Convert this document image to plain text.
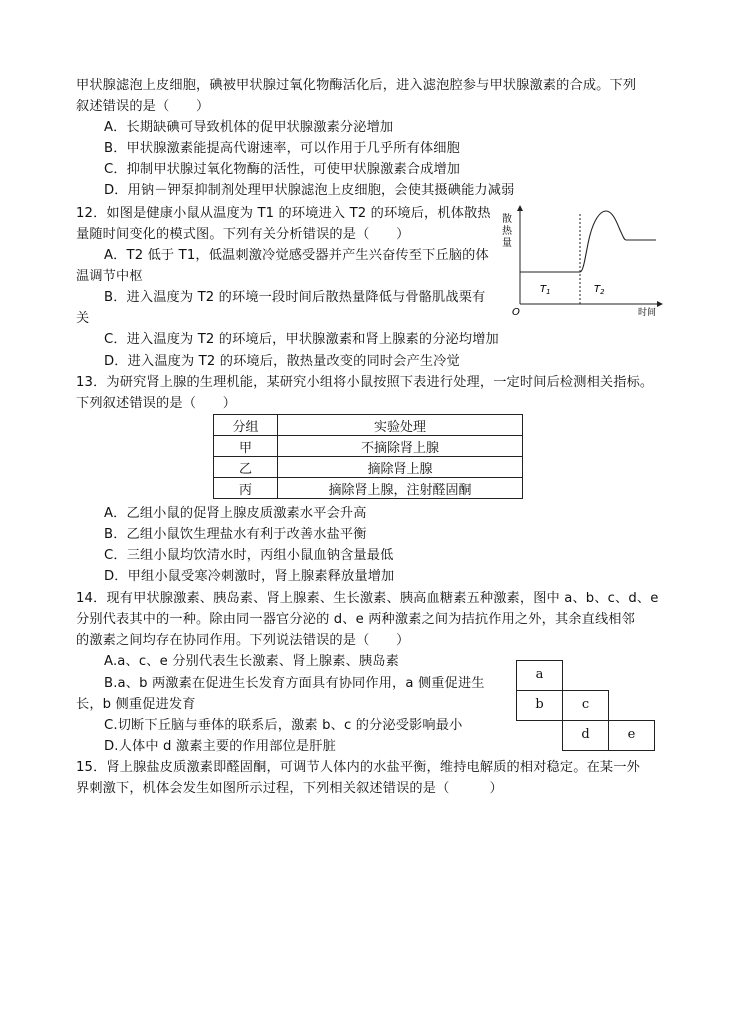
甲状腺滤泡上皮细胞，碘被甲状腺过氧化物酶活化后，进入滤泡腔参与甲状腺激素的合成。下列
叙述错误的是（　　）
A．长期缺碘可导致机体的促甲状腺激素分泌增加
B．甲状腺激素能提高代谢速率，可以作用于几乎所有体细胞
C．抑制甲状腺过氧化物酶的活性，可使甲状腺激素合成增加
D．用钠－钾泵抑制剂处理甲状腺滤泡上皮细胞，会使其摄碘能力减弱
12．如图是健康小鼠从温度为 T1 的环境进入 T2 的环境后，机体散热
量随时间变化的模式图。下列有关分析错误的是（　　）
A．T2 低于 T1，低温刺激冷觉感受器并产生兴奋传至下丘脑的体
温调节中枢
B．进入温度为 T2 的环境一段时间后散热量降低与骨骼肌战栗有
关
C．进入温度为 T2 的环境后，甲状腺激素和肾上腺素的分泌均增加
D．进入温度为 T2 的环境后，散热量改变的同时会产生冷觉
散
热
量
O	时间
$T_1$	$T_2$
13．为研究肾上腺的生理机能，某研究小组将小鼠按照下表进行处理，一定时间后检测相关指标。
下列叙述错误的是（　　）
分组	实验处理
甲	不摘除肾上腺
乙	摘除肾上腺
丙	摘除肾上腺，注射醛固酮
A．乙组小鼠的促肾上腺皮质激素水平会升高
B．乙组小鼠饮生理盐水有利于改善水盐平衡
C．三组小鼠均饮清水时，丙组小鼠血钠含量最低
D．甲组小鼠受寒冷刺激时，肾上腺素释放量增加
14．现有甲状腺激素、胰岛素、肾上腺素、生长激素、胰高血糖素五种激素，图中 a、b、c、d、e
分别代表其中的一种。除由同一器官分泌的 d、e 两种激素之间为拮抗作用之外，其余直线相邻
的激素之间均存在协同作用。下列说法错误的是（　　）
A.a、c、e 分别代表生长激素、肾上腺素、胰岛素
B.a、b 两激素在促进生长发育方面具有协同作用，a 侧重促进生
长，b 侧重促进发育
C.切断下丘脑与垂体的联系后，激素 b、c 的分泌受影响最小
D.人体中 d 激素主要的作用部位是肝脏
a
b	c
d	e
15．肾上腺盐皮质激素即醛固酮，可调节人体内的水盐平衡，维持电解质的相对稳定。在某一外
界刺激下，机体会发生如图所示过程，下列相关叙述错误的是（　　　）
